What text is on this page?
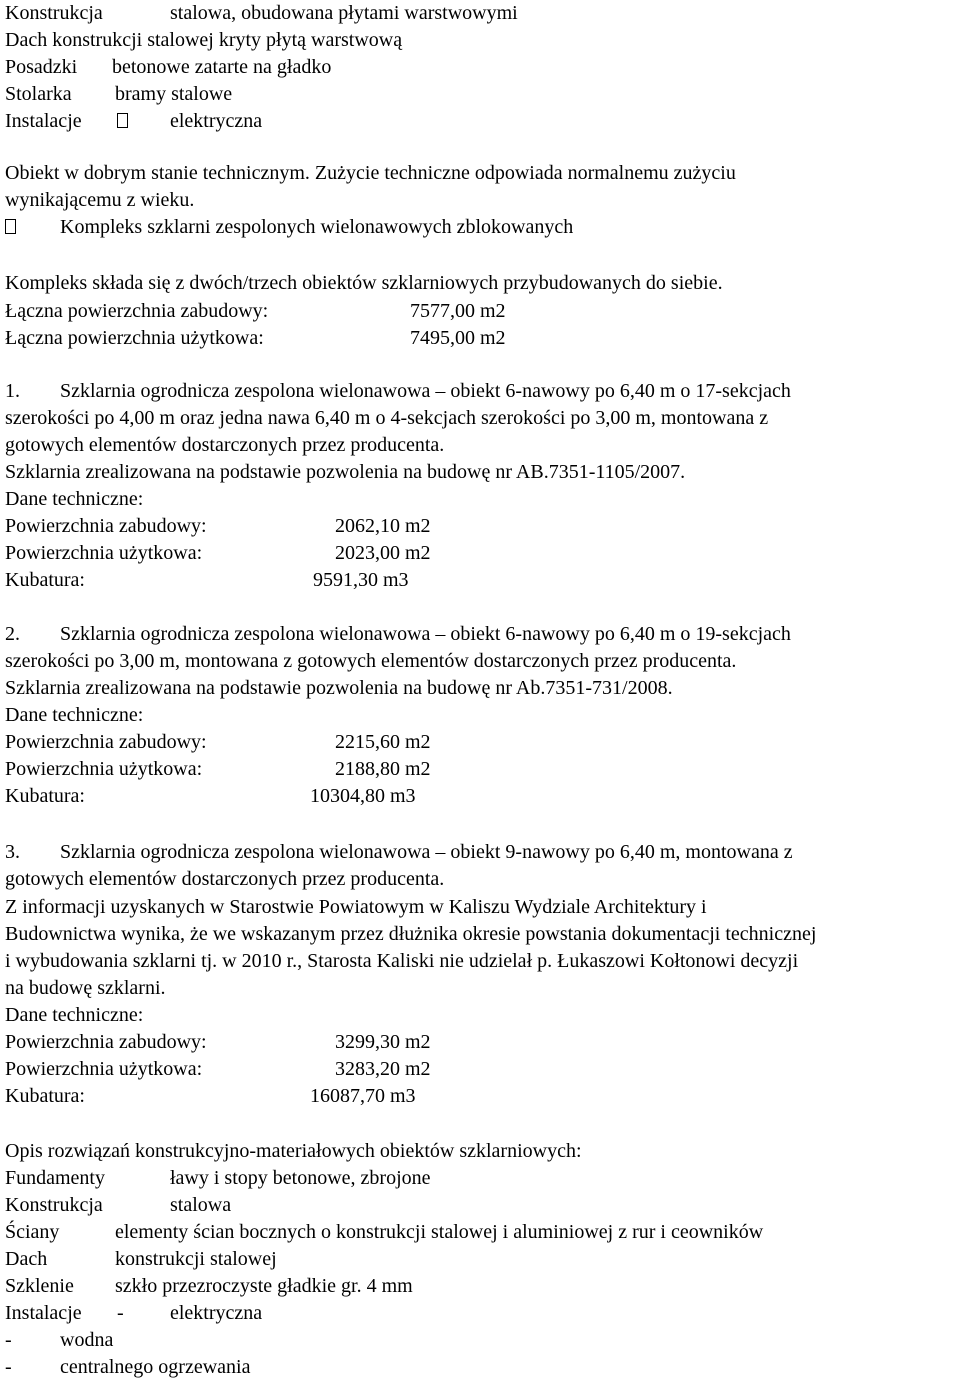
Konstrukcja	stalowa, obudowana płytami warstwowymi
Dach konstrukcji stalowej kryty płytą warstwową
Posadzki betonowe zatarte na gładko
Stolarka bramy stalowe
Instalacje	elektryczna
Obiekt w dobrym stanie technicznym. Zużycie techniczne odpowiada normalnemu zużyciu
wynikającemu z wieku.
Kompleks szklarni zespolonych wielonawowych zblokowanych
Kompleks składa się z dwóch/trzech obiektów szklarniowych przybudowanych do siebie.
Łączna powierzchnia zabudowy:	7577,00 m2
Łączna powierzchnia użytkowa:	7495,00 m2
1. Szklarnia ogrodnicza zespolona wielonawowa – obiekt 6-nawowy po 6,40 m o 17-sekcjach
szerokości po 4,00 m oraz jedna nawa 6,40 m o 4-sekcjach szerokości po 3,00 m, montowana z
gotowych elementów dostarczonych przez producenta.
Szklarnia zrealizowana na podstawie pozwolenia na budowę nr AB.7351-1105/2007.
Dane techniczne:
Powierzchnia zabudowy:	2062,10 m2
Powierzchnia użytkowa:	2023,00 m2
Kubatura:	9591,30 m3
2. Szklarnia ogrodnicza zespolona wielonawowa – obiekt 6-nawowy po 6,40 m o 19-sekcjach
szerokości po 3,00 m, montowana z gotowych elementów dostarczonych przez producenta.
Szklarnia zrealizowana na podstawie pozwolenia na budowę nr Ab.7351-731/2008.
Dane techniczne:
Powierzchnia zabudowy:	2215,60 m2
Powierzchnia użytkowa:	2188,80 m2
Kubatura:	10304,80 m3
3. Szklarnia ogrodnicza zespolona wielonawowa – obiekt 9-nawowy po 6,40 m, montowana z
gotowych elementów dostarczonych przez producenta.
Z informacji uzyskanych w Starostwie Powiatowym w Kaliszu Wydziale Architektury i
Budownictwa wynika, że we wskazanym przez dłużnika okresie powstania dokumentacji technicznej
i wybudowania szklarni tj. w 2010 r., Starosta Kaliski nie udzielał p. Łukaszowi Kołtonowi decyzji
na budowę szklarni.
Dane techniczne:
Powierzchnia zabudowy:	3299,30 m2
Powierzchnia użytkowa:	3283,20 m2
Kubatura:	16087,70 m3
Opis rozwiązań konstrukcyjno-materiałowych obiektów szklarniowych:
Fundamenty	ławy i stopy betonowe, zbrojone
Konstrukcja	stalowa
Ściany	elementy ścian bocznych o konstrukcji stalowej i aluminiowej z rur i ceowników
Dach	konstrukcji stalowej
Szklenie szkło przezroczyste gładkie gr. 4 mm
Instalacje - elektryczna
- wodna
- centralnego ogrzewania
